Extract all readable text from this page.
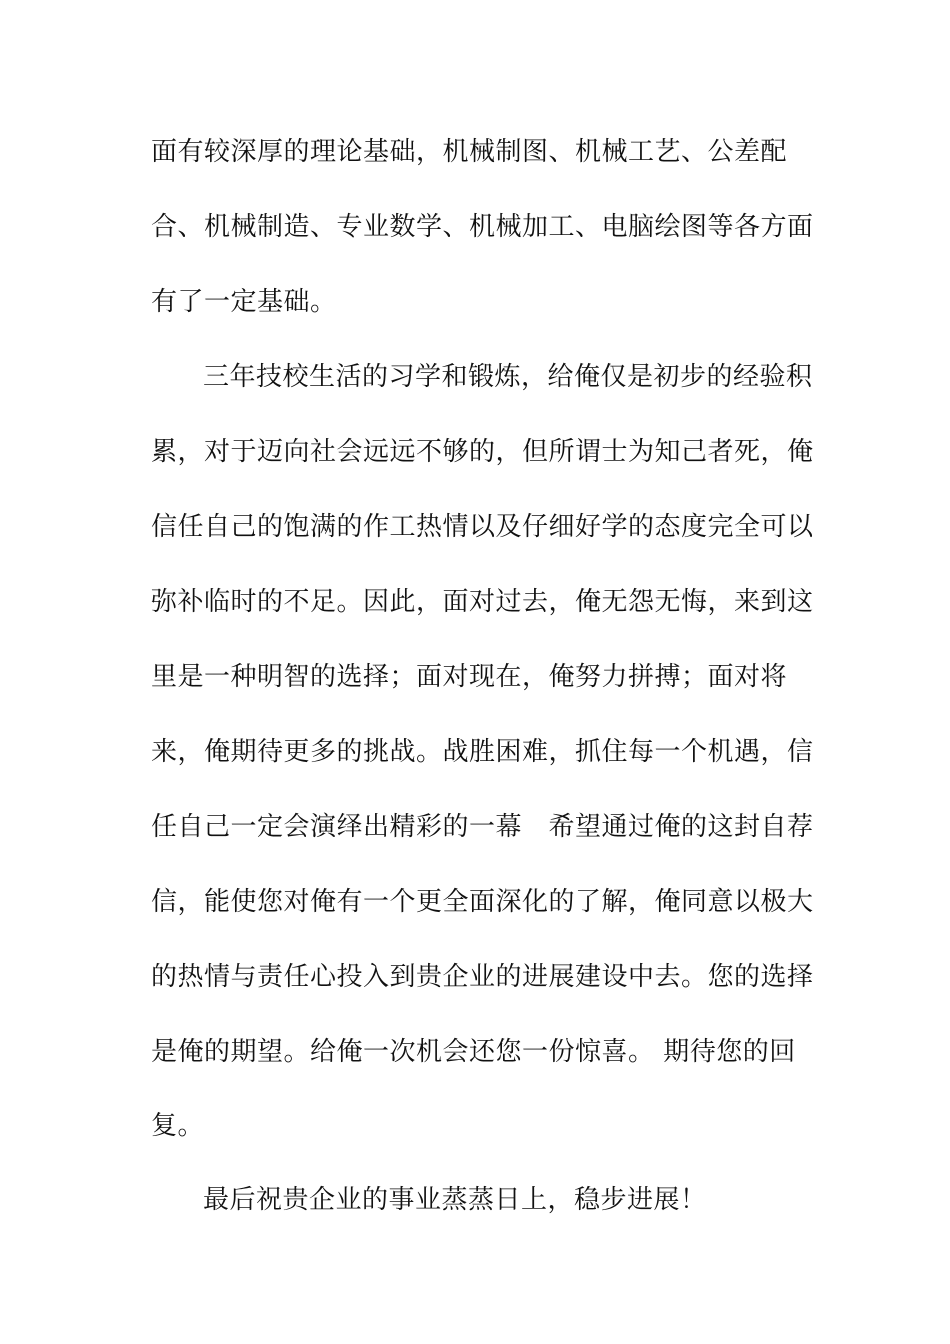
面有较深厚的理论基础，机械制图、机械工艺、公差配

合、机械制造、专业数学、机械加工、电脑绘图等各方面

有了一定基础。

三年技校生活的习学和锻炼，给俺仅是初步的经验积

累，对于迈向社会远远不够的，但所谓士为知己者死，俺

信任自己的饱满的作工热情以及仔细好学的态度完全可以

弥补临时的不足。因此，面对过去，俺无怨无悔，来到这

里是一种明智的选择；面对现在，俺努力拼搏；面对将

来，俺期待更多的挑战。战胜困难，抓住每一个机遇，信

任自己一定会演绎出精彩的一幕　希望通过俺的这封自荐

信，能使您对俺有一个更全面深化的了解，俺同意以极大

的热情与责任心投入到贵企业的进展建设中去。您的选择

是俺的期望。给俺一次机会还您一份惊喜。 期待您的回

复。

最后祝贵企业的事业蒸蒸日上，稳步进展！
